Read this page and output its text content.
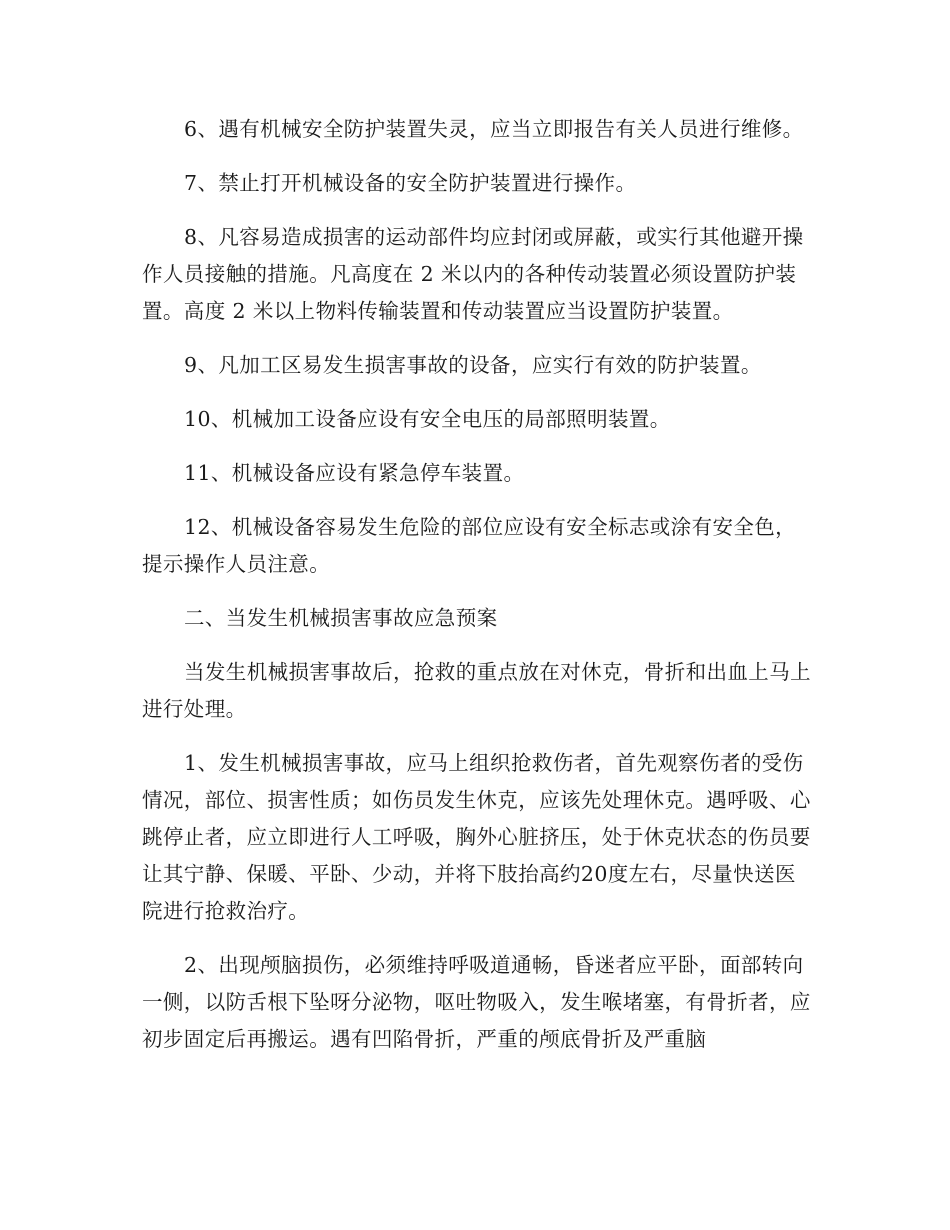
6、遇有机械安全防护装置失灵，应当立即报告有关人员进行维修。

7、禁止打开机械设备的安全防护装置进行操作。

8、凡容易造成损害的运动部件均应封闭或屏蔽，或实行其他避开操作人员接触的措施。凡高度在 2 米以内的各种传动装置必须设置防护装置。高度 2 米以上物料传输装置和传动装置应当设置防护装置。

9、凡加工区易发生损害事故的设备，应实行有效的防护装置。

10、机械加工设备应设有安全电压的局部照明装置。

11、机械设备应设有紧急停车装置。

12、机械设备容易发生危险的部位应设有安全标志或涂有安全色，提示操作人员注意。

二、当发生机械损害事故应急预案

当发生机械损害事故后，抢救的重点放在对休克，骨折和出血上马上进行处理。

1、发生机械损害事故，应马上组织抢救伤者，首先观察伤者的受伤情况，部位、损害性质；如伤员发生休克，应该先处理休克。遇呼吸、心跳停止者，应立即进行人工呼吸，胸外心脏挤压，处于休克状态的伤员要让其宁静、保暖、平卧、少动，并将下肢抬高约20度左右，尽量快送医院进行抢救治疗。

2、出现颅脑损伤，必须维持呼吸道通畅，昏迷者应平卧，面部转向一侧，以防舌根下坠呀分泌物，呕吐物吸入，发生喉堵塞，有骨折者，应初步固定后再搬运。遇有凹陷骨折，严重的颅底骨折及严重脑
